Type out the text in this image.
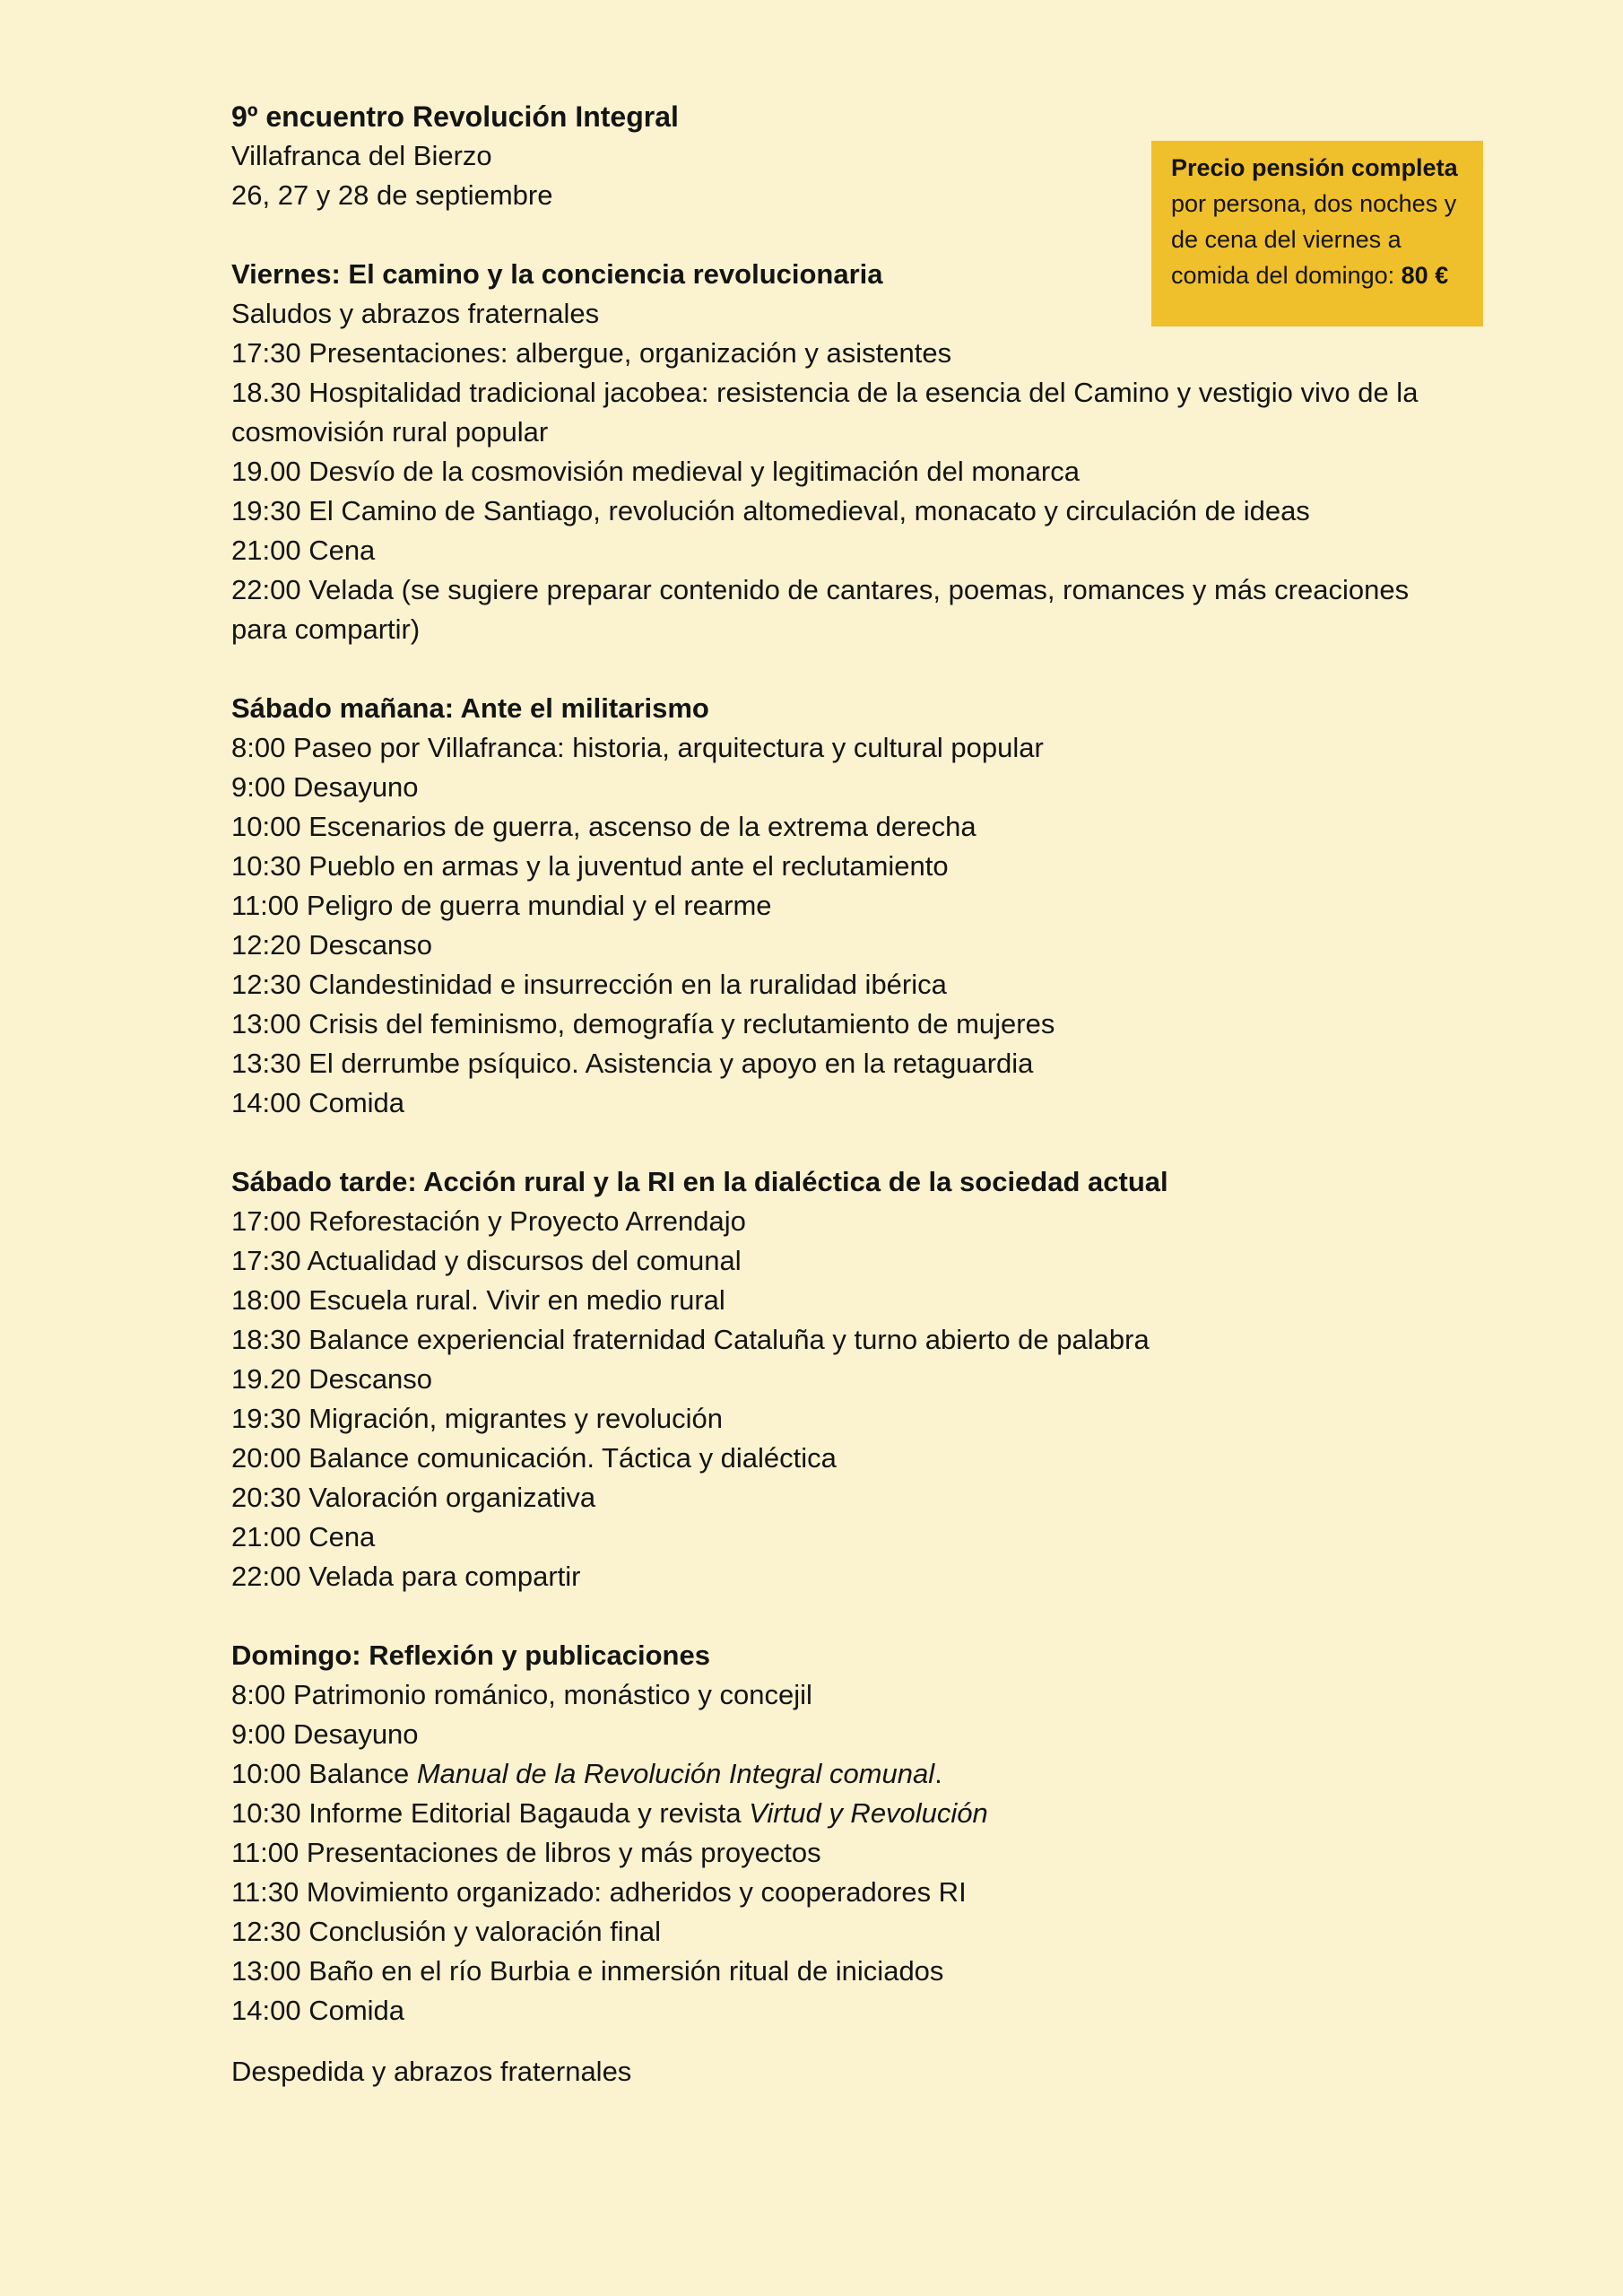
Precio pensión completa
por persona, dos noches y
de cena del viernes a
comida del domingo: 80 €

9º encuentro Revolución Integral

Villafranca del Bierzo

26, 27 y 28 de septiembre

Viernes: El camino y la conciencia revolucionaria

Saludos y abrazos fraternales

17:30 Presentaciones: albergue, organización y asistentes

18.30 Hospitalidad tradicional jacobea: resistencia de la esencia del Camino y vestigio vivo de la

cosmovisión rural popular

19.00 Desvío de la cosmovisión medieval y legitimación del monarca

19:30 El Camino de Santiago, revolución altomedieval, monacato y circulación de ideas

21:00 Cena

22:00 Velada (se sugiere preparar contenido de cantares, poemas, romances y más creaciones

para compartir)

Sábado mañana: Ante el militarismo

8:00 Paseo por Villafranca: historia, arquitectura y cultural popular

9:00 Desayuno

10:00 Escenarios de guerra, ascenso de la extrema derecha

10:30 Pueblo en armas y la juventud ante el reclutamiento

11:00 Peligro de guerra mundial y el rearme

12:20 Descanso

12:30 Clandestinidad e insurrección en la ruralidad ibérica

13:00 Crisis del feminismo, demografía y reclutamiento de mujeres

13:30 El derrumbe psíquico. Asistencia y apoyo en la retaguardia

14:00 Comida

Sábado tarde: Acción rural y la RI en la dialéctica de la sociedad actual

17:00 Reforestación y Proyecto Arrendajo

17:30 Actualidad y discursos del comunal

18:00 Escuela rural. Vivir en medio rural

18:30 Balance experiencial fraternidad Cataluña y turno abierto de palabra

19.20 Descanso

19:30 Migración, migrantes y revolución

20:00 Balance comunicación. Táctica y dialéctica

20:30 Valoración organizativa

21:00 Cena

22:00 Velada para compartir

Domingo: Reflexión y publicaciones

8:00 Patrimonio románico, monástico y concejil

9:00 Desayuno

10:00 Balance Manual de la Revolución Integral comunal.

10:30 Informe Editorial Bagauda y revista Virtud y Revolución

11:00 Presentaciones de libros y más proyectos

11:30 Movimiento organizado: adheridos y cooperadores RI

12:30 Conclusión y valoración final

13:00 Baño en el río Burbia e inmersión ritual de iniciados

14:00 Comida

Despedida y abrazos fraternales
